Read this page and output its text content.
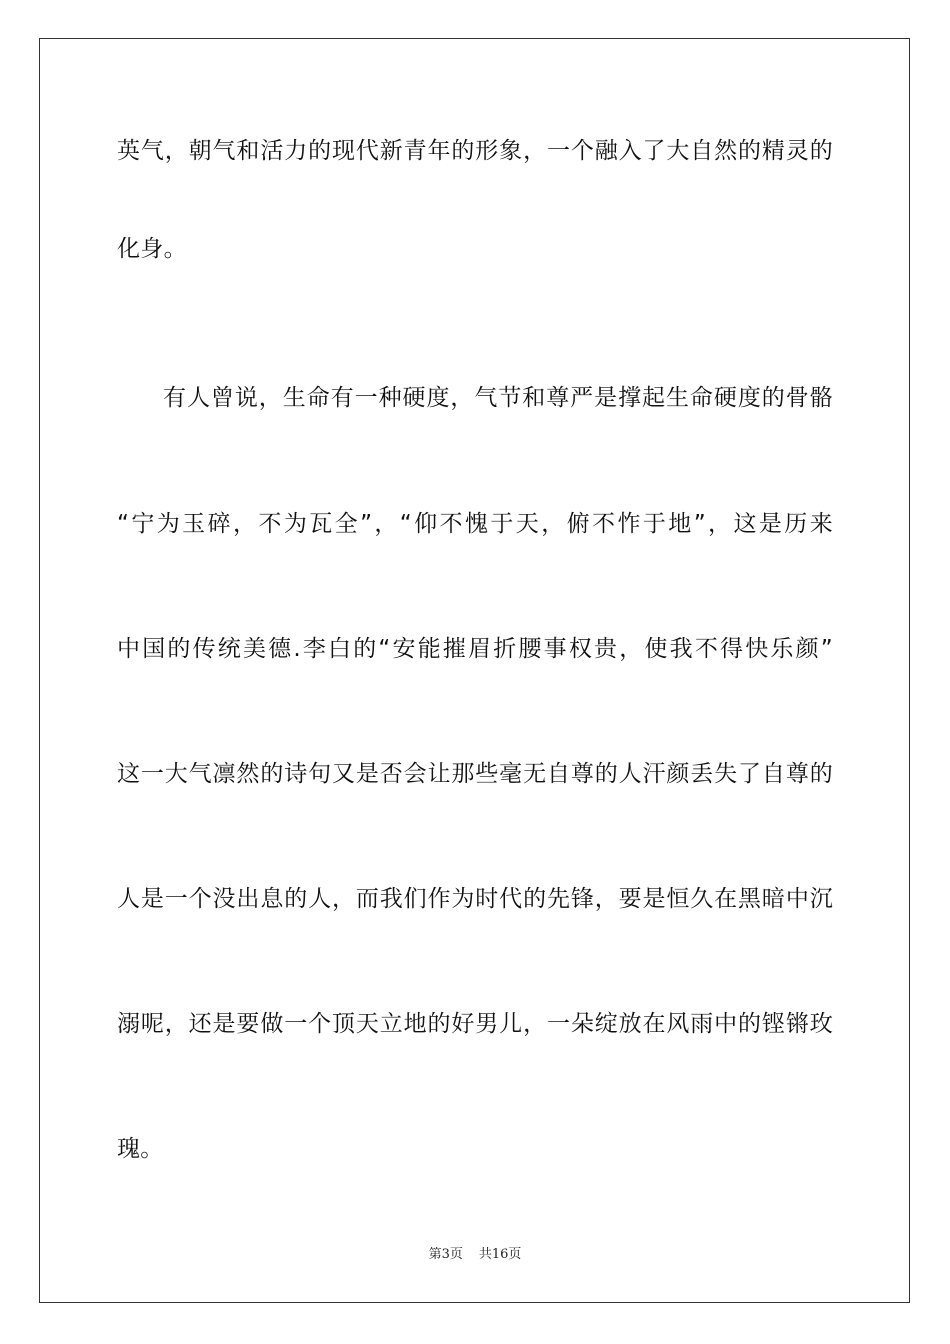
英气，朝气和活力的现代新青年的形象，一个融入了大自然的精灵的
化身。
有人曾说，生命有一种硬度，气节和尊严是撑起生命硬度的骨骼
“宁为玉碎，不为瓦全”，“仰不愧于天，俯不怍于地”，这是历来
中国的传统美德.李白的“安能摧眉折腰事权贵，使我不得快乐颜”
这一大气凛然的诗句又是否会让那些毫无自尊的人汗颜丢失了自尊的
人是一个没出息的人，而我们作为时代的先锋，要是恒久在黑暗中沉
溺呢，还是要做一个顶天立地的好男儿，一朵绽放在风雨中的铿锵玫
瑰。
第3页 共16页
